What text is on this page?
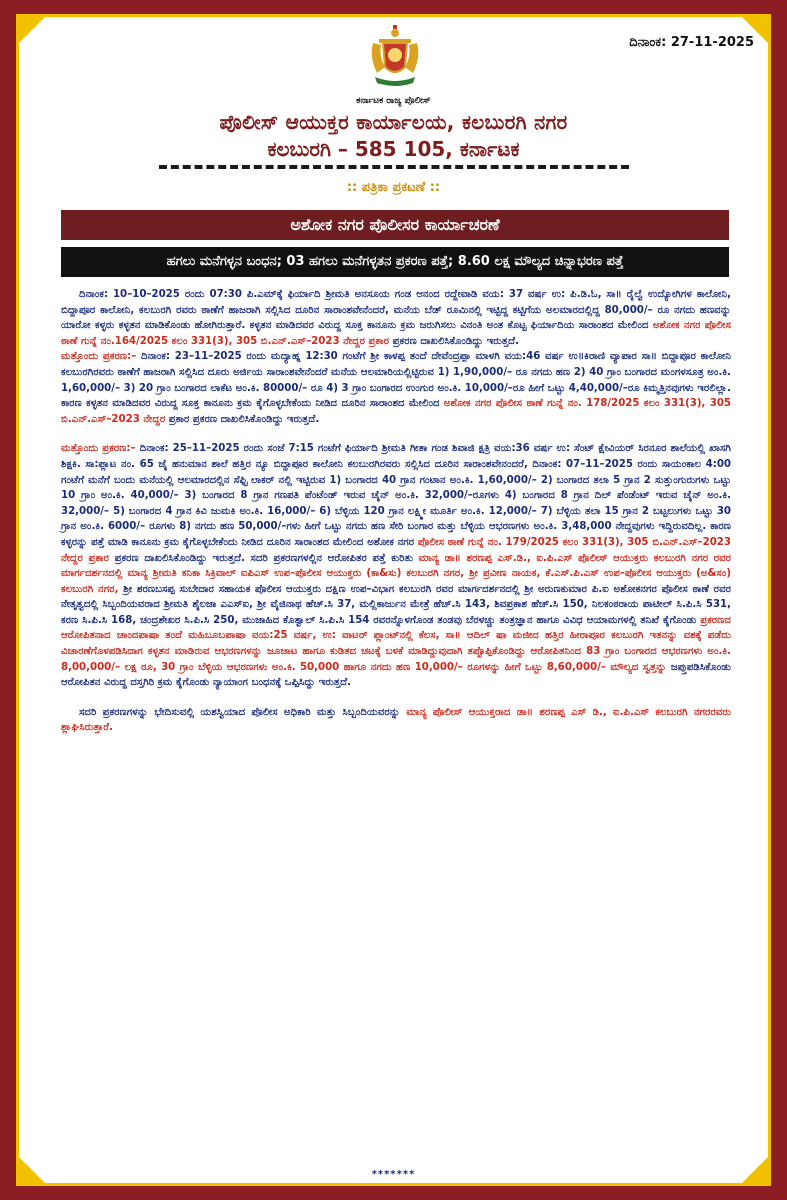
ದಿನಾಂಕ: 27-11-2025
ಕರ್ನಾಟಕ ರಾಜ್ಯ ಪೊಲೀಸ್
ಪೊಲೀಸ್ ಆಯುಕ್ತರ ಕಾರ್ಯಾಲಯ, ಕಲಬುರಗಿ ನಗರ
ಕಲಬುರಗಿ – 585 105, ಕರ್ನಾಟಕ
:: ಪತ್ರಿಕಾ ಪ್ರಕಟಣೆ ::
ಅಶೋಕ ನಗರ ಪೊಲೀಸರ ಕಾರ್ಯಾಚರಣೆ
ಹಗಲು ಮನೆಗಳ್ಳನ ಬಂಧನ; 03 ಹಗಲು ಮನೆಗಳ್ಳತನ ಪ್ರಕರಣ ಪತ್ತೆ; 8.60 ಲಕ್ಷ ಮೌಲ್ಯದ ಚಿನ್ನಾಭರಣ ಪತ್ತೆ

ದಿನಾಂಕ: 10–10–2025 ರಂದು 07:30 ಪಿ.ಎಮ್‌ಕ್ಕೆ ಫಿರ್ಯಾದಿ ಶ್ರೀಮತಿ ಅನಸೂಯ ಗಂಡ ಆನಂದ ರದ್ದೇವಾಡಿ ವಯ: 37 ವರ್ಷ ಉ: ಪಿ.ಡಿ.ಓ, ಸಾ॥ ರೈಲ್ವೆ ಉದ್ಯೋಗಿಗಳ ಕಾಲೋನಿ, ಬಿದ್ದಾಪೂರ ಕಾಲೋನಿ, ಕಲಬುರಗಿ ರವರು ಠಾಣೆಗೆ ಹಾಜರಾಗಿ ಸಲ್ಲಿಸಿದ ದೂರಿನ ಸಾರಾಂಶವೇನೆಂದರೆ, ಮನೆಯ ಬೆಡ್ ರೂಮಿನಲ್ಲಿ ಇಟ್ಟಿದ್ದ ಕಟ್ಟಿಗೆಯ ಅಲಮಾರದಲ್ಲಿದ್ದ 80,000/– ರೂ ನಗದು ಹಣವನ್ನು ಯಾರೋ ಕಳ್ಳರು ಕಳ್ಳತನ ಮಾಡಿಕೊಂಡು ಹೋಗಿರುತ್ತಾರೆ. ಕಳ್ಳತನ ಮಾಡಿದವರ ವಿರುದ್ದ ಸೂಕ್ತ ಕಾನೂನು ಕ್ರಮ ಜರುಗಿಸಲು ವಿನಂತಿ ಅಂತ ಕೊಟ್ಟ ಫಿರ್ಯಾದಿಯ ಸಾರಾಂಶದ ಮೇಲಿಂದ ಅಶೋಕ ನಗರ ಪೊಲೀಸ ಠಾಣೆ ಗುನ್ನೆ ನಂ.164/2025 ಕಲಂ 331(3), 305 ಬಿ.ಎನ್.ಎಸ್–2023 ನೇದ್ದರ ಪ್ರಕಾರ ಪ್ರಕರಣ ದಾಖಲಿಸಿಕೊಂಡಿದ್ದು ಇರುತ್ತದೆ.

ಮತ್ತೊಂದು ಪ್ರಕರಣ:– ದಿನಾಂಕ: 23–11–2025 ರಂದು ಮದ್ಯಾಹ್ನ 12:30 ಗಂಟೆಗೆ ಶ್ರೀ ಕಾಳಪ್ಪ ತಂದೆ ದೇವೆಂದ್ರಪ್ಪಾ ಮಾಳಗಿ ವಯ:46 ವರ್ಷ ಉ॥ಕಿರಾಣಿ ವ್ಯಾಪಾರ ಸಾ॥ ಬಿದ್ದಾಪೂರ ಕಾಲೋನಿ ಕಲಬುರಗಿರವರು ಠಾಣೆಗೆ ಹಾಜರಾಗಿ ಸಲ್ಲಿಸಿದ ದೂರು ಅರ್ಜಿಯ ಸಾರಾಂಶವೇನೆಂದರೆ ಮನೆಯ ಆಲಮಾರಿಯಲ್ಲಿಟ್ಟಿರುವ 1) 1,90,000/– ರೂ ನಗದು ಹಣ 2) 40 ಗ್ರಾಂ ಬಂಗಾರದ ಮಂಗಳಸೂತ್ರ ಅಂ.ಕಿ. 1,60,000/– 3) 20 ಗ್ರಾಂ ಬಂಗಾರದ ಲಾಕೆಟ ಅಂ.ಕಿ. 80000/– ರೂ 4) 3 ಗ್ರಾಂ ಬಂಗಾರದ ಉಂಗುರ ಅಂ.ಕಿ. 10,000/–ರೂ ಹೀಗೆ ಒಟ್ಟು 4,40,000/–ರೂ ಕಿಮ್ಮತ್ತಿನವುಗಳು ಇರಲಿಲ್ಲಾ. ಕಾರಣ ಕಳ್ಳತನ ಮಾಡಿದವರ ವಿರುದ್ದ ಸೂಕ್ತ ಕಾನೂನು ಕ್ರಮ ಕೈಗೊಳ್ಳಬೇಕೆಂದು ನೀಡಿದ ದೂರಿನ ಸಾರಾಂಶದ ಮೇಲಿಂದ ಅಶೋಕ ನಗರ ಪೊಲೀಸ ಠಾಣೆ ಗುನ್ನೆ ನಂ. 178/2025 ಕಲಂ 331(3), 305 ಬಿ.ಎನ್.ಎಸ್–2023 ನೇದ್ದರ ಪ್ರಕಾರ ಪ್ರಕರಣ ದಾಖಲಿಸಿಕೊಂಡಿದ್ದು ಇರುತ್ತದೆ.

ಮತ್ತೊಂದು ಪ್ರಕರಣ:– ದಿನಾಂಕ: 25–11–2025 ರಂದು ಸಂಜೆ 7:15 ಗಂಟೆಗೆ ಫಿರ್ಯಾದಿ ಶ್ರೀಮತಿ ಗೀತಾ ಗಂಡ ಶಿವಾಜಿ ಕ್ಷತ್ರಿ ವಯ:36 ವರ್ಷ ಉ: ಸೆಂಟ್ ಕ್ಷೇವಿಯರ್ ಸಿರನೂರ ಶಾಲೆಯಲ್ಲಿ ಖಾಸಗಿ ಶಿಕ್ಷಕಿ. ಸಾ:ಪ್ಲಾಟ ನಂ. 65 ಜೈ ಹನುಮಾನ ಶಾಲೆ ಹತ್ತಿರ ನ್ಯೂ ಬಿದ್ದಾಪೂರ ಕಾಲೋನಿ ಕಲಬುರಗಿರವರು ಸಲ್ಲಿಸಿದ ದೂರಿನ ಸಾರಾಂಶವೇನಂದರೆ, ದಿನಾಂಕ: 07–11–2025 ರಂದು ಸಾಯಂಕಾಲ 4:00 ಗಂಟೆಗೆ ಮನೆಗೆ ಬಂದು ಮನೆಯಲ್ಲಿ ಆಲಮಾರದಲ್ಲಿನ ಸೆಫ್ಟಿ ಲಾಕರ್ ನಲ್ಲಿ ಇಟ್ಟಿರುವ 1) ಬಂಗಾರದ 40 ಗ್ರಾನ ಗಂಟಾನ ಅಂ.ಕಿ. 1,60,000/– 2) ಬಂಗಾರದ ತಲಾ 5 ಗ್ರಾನ 2 ಸುತ್ತುಂಗುರುಗಳು ಒಟ್ಟು 10 ಗ್ರಾಂ ಅಂ.ಕಿ. 40,000/– 3) ಬಂಗಾರದ 8 ಗ್ರಾನ ಗಣಪತಿ ಪೆಂಟೆಂಡ್ ಇರುವ ಚೈನ್ ಅಂ.ಕಿ. 32,000/–ರೂಗಳು 4) ಬಂಗಾರದ 8 ಗ್ರಾನ ದಿಲ್ ಪೆಂಡೆಂಟ್ ಇರುವ ಚೈನ್ ಅಂ.ಕಿ. 32,000/– 5) ಬಂಗಾರದ 4 ಗ್ರಾನ ಕಿವಿ ಜುಮಕಿ ಅಂ.ಕಿ. 16,000/– 6) ಬೆಳ್ಳಿಯ 120 ಗ್ರಾನ ಲಕ್ಷ್ಮೀ ಮೂರ್ತಿ ಅಂ.ಕಿ. 12,000/– 7) ಬೆಳ್ಳಿಯ ತಲಾ 15 ಗ್ರಾನ 2 ಬಟ್ಟಲುಗಳು ಒಟ್ಟು 30 ಗ್ರಾನ ಅಂ.ಕಿ. 6000/– ರೂಗಳು 8) ನಗದು ಹಣ 50,000/–ಗಳು ಹೀಗೆ ಒಟ್ಟು ನಗದು ಹಣ ಸೇರಿ ಬಂಗಾರ ಮತ್ತು ಬೆಳ್ಳಿಯ ಆಭರಣಗಳು ಅಂ.ಕಿ. 3,48,000 ನೇದ್ದವುಗಳು ಇದ್ದಿರುವದಿಲ್ಲ. ಕಾರಣ ಕಳ್ಳರನ್ನು ಪತ್ತೆ ಮಾಡಿ ಕಾನೂನು ಕ್ರಮ ಕೈಗೊಳ್ಳಬೇಕೆಂದು ನೀಡಿದ ದೂರಿನ ಸಾರಾಂಶದ ಮೇಲಿಂದ ಅಶೋಕ ನಗರ ಪೊಲೀಸ ಠಾಣೆ ಗುನ್ನೆ ನಂ. 179/2025 ಕಲಂ 331(3), 305 ಬಿ.ಎನ್.ಎಸ್–2023 ನೇದ್ದರ ಪ್ರಕಾರ ಪ್ರಕರಣ ದಾಖಲಿಸಿಕೊಂಡಿದ್ದು ಇರುತ್ತದೆ. ಸದರಿ ಪ್ರಕರಣಗಳಲ್ಲಿನ ಆರೋಪಿತರ ಪತ್ತೆ ಕುರಿತು ಮಾನ್ಯ ಡಾ॥ ಶರಣಪ್ಪ ಎಸ್.ಡಿ., ಐ.ಪಿ.ಎಸ್ ಪೊಲೀಸ್ ಆಯುಕ್ತರು ಕಲಬುರಗಿ ನಗರ ರವರ ಮಾರ್ಗದರ್ಶನದಲ್ಲಿ ಮಾನ್ಯ ಶ್ರೀಮತಿ ಕನಿಕಾ ಸಿಕ್ರಿವಾಲ್ ಐಪಿಎಸ್ ಉಪ–ಪೊಲೀಸ ಆಯುಕ್ತರು (ಕಾ&ಸು) ಕಲಬುರಗಿ ನಗರ, ಶ್ರೀ ಪ್ರವೀಣ ನಾಯಕ, ಕೆ.ಎಸ್.ಪಿ.ಎಸ್ ಉಪ–ಪೊಲೀಸ ಆಯುಕ್ತರು (ಅ&ಸಂ) ಕಲಬುರಗಿ ನಗರ, ಶ್ರೀ ಶರಣಬಸಪ್ಪ ಸುಬೇದಾರ ಸಹಾಯಕ ಪೊಲೀಸ ಆಯುಕ್ತರು ದಕ್ಷಿಣ ಉಪ–ವಿಭಾಗ ಕಲಬುರಗಿ ರವರ ಮಾರ್ಗದರ್ಶನದಲ್ಲಿ ಶ್ರೀ ಅರುಣಕುಮಾರ ಪಿ.ಐ ಅಶೋಕನಗರ ಪೊಲೀಸ ಠಾಣೆ ರವರ ನೇತೃತ್ವದಲ್ಲಿ ಸಿಬ್ಬಂದಿಯವರಾದ ಶ್ರೀಮತಿ ಶೈಲಜಾ ಎಎಸ್‌ಐ, ಶ್ರೀ ವೈಜಿನಾಥ ಹೆಚ್.ಸಿ 37, ಮಲ್ಲಿಕಾರ್ಜುನ ಮೇತ್ರೆ ಹೆಚ್.ಸಿ 143, ಶಿವಪ್ರಕಾಶ ಹೆಚ್.ಸಿ 150, ನಿಲಕಂಠರಾಯ ಪಾಟೀಲ್ ಸಿ.ಪಿ.ಸಿ 531, ಕರಣ ಸಿ.ಪಿ.ಸಿ 168, ಚಂದ್ರಶೇಖರ ಸಿ.ಪಿ.ಸಿ 250, ಮುಜಾಹಿದ ಕೊತ್ವಾಲ್ ಸಿ.ಪಿ.ಸಿ 154 ರವರನ್ನೊಳಗೊಂಡ ತಂಡವು ಬೆರಳಚ್ಚು ತಂತ್ರಜ್ಞಾನ ಹಾಗೂ ವಿವಿಧ ಆಯಾಮಗಳಲ್ಲಿ ತನಿಖೆ ಕೈಗೊಂಡು ಪ್ರಕರಣದ ಆರೋಪಿತನಾದ ಚಾಂದಪಾಷಾ ತಂದೆ ಮಹಿಬೂಬಪಾಷಾ ವಯ:25 ವರ್ಷ, ಉ: ವಾಟರ್ ಪ್ಲಾಂಟ್‌ನಲ್ಲಿ ಕೆಲಸ, ಸಾ॥ ಆದಿಲ್ ಷಾ ಮಜೀದ ಹತ್ತಿರ ಹೀರಾಪೂರ ಕಲಬುರಗಿ ಇತನನ್ನು ವಶಕ್ಕೆ ಪಡೆದು ವಿಚಾರಣೆಗೊಳಪಡಿಸಿದಾಗ ಕಳ್ಳತನ ಮಾಡಿರುವ ಆಭರಣಗಳನ್ನು ಜೂಜಾಟ ಹಾಗೂ ಕುಡಿತದ ಚಟಕ್ಕೆ ಬಳಕೆ ಮಾಡಿದ್ದುವುದಾಗಿ ತಪ್ಪೊಪ್ಪಿಕೊಂಡಿದ್ದು ಆರೋಪಿತನಿಂದ 83 ಗ್ರಾಂ ಬಂಗಾರದ ಆಭರಣಗಳು ಅಂ.ಕಿ. 8,00,000/– ಲಕ್ಷ ರೂ, 30 ಗ್ರಾಂ ಬೆಳ್ಳಿಯ ಆಭರಣಗಳು ಅಂ.ಕಿ. 50,000 ಹಾಗೂ ನಗದು ಹಣ 10,000/– ರೂಗಳನ್ನು ಹೀಗೆ ಒಟ್ಟು 8,60,000/– ಮೌಲ್ಯದ ಸ್ವತ್ತನ್ನು ಜಪ್ತುಪಡಿಸಿಕೊಂಡು ಆರೋಪಿತನ ವಿರುದ್ದ ದಸ್ತಗಿರಿ ಕ್ರಮ ಕೈಗೊಂಡು ನ್ಯಾಯಾಂಗ ಬಂಧನಕ್ಕೆ ಒಪ್ಪಿಸಿದ್ದು ಇರುತ್ತದೆ.

ಸದರಿ ಪ್ರಕರಣಗಳನ್ನು ಭೇದಿಸುವಲ್ಲಿ ಯಶಸ್ವಿಯಾದ ಪೊಲೀಸ ಅಧಿಕಾರಿ ಮತ್ತು ಸಿಬ್ಬಂದಿಯವರನ್ನು ಮಾನ್ಯ ಪೊಲೀಸ್ ಆಯುಕ್ತರಾದ ಡಾ॥ ಶರಣಪ್ಪ ಎಸ್ ಡಿ., ಐ.ಪಿ.ಎಸ್ ಕಲಬುರಗಿ ನಗರರವರು ಶ್ಲಾಘಿಸಿರುತ್ತಾರೆ.

*******
